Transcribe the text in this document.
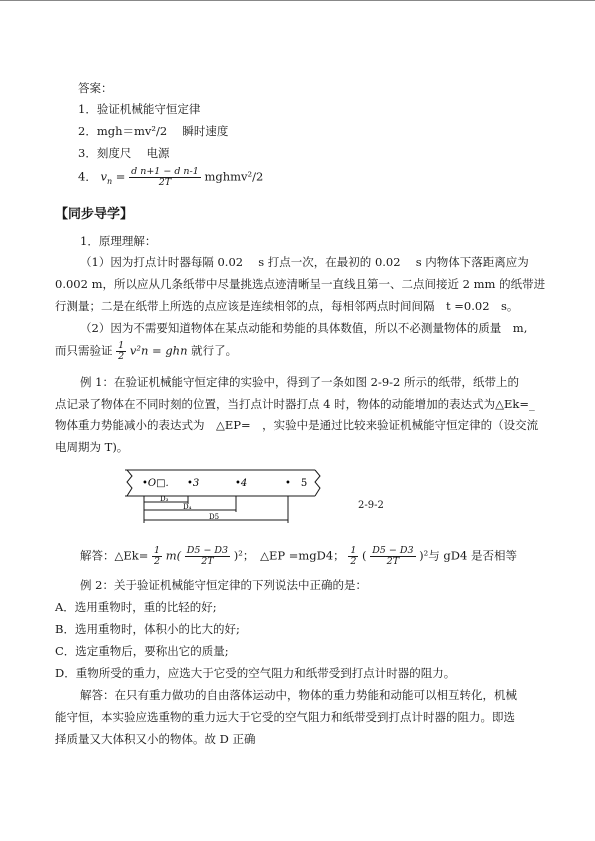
答案：
1．验证机械能守恒定律
2．mgh＝mv²/2　 瞬时速度
3．刻度尺　 电源
4． $v_n = \frac{\text{d n+1 − d n-1}}{2T}$ mghmv²/2
【同步导学】
1．原理理解：
（1）因为打点计时器每隔 0.02　 s 打点一次，在最初的 0.02　 s 内物体下落距离应为
0.002 m，所以应从几条纸带中尽量挑选点迹清晰呈一直线且第一、二点间接近 2 mm 的纸带进
行测量；二是在纸带上所选的点应该是连续相邻的点，每相邻两点时间间隔　t =0.02　s。
（2）因为不需要知道物体在某点动能和势能的具体数值，所以不必测量物体的质量　m,
而只需验证 $\frac{1}{2} v^2n$ = ghn 就行了。
例 1：在验证机械能守恒定律的实验中，得到了一条如图 2-9-2 所示的纸带，纸带上的
点记录了物体在不同时刻的位置，当打点计时器打点 4 时，物体的动能增加的表达式为△Ek=_
物体重力势能减小的表达式为　△EP=　，实验中是通过比较来验证机械能守恒定律的（设交流
电周期为 T)。
•O□. •3	•4	•　5
D₃
D₄
D5
2-9-2
解答：△Ek= $\frac{1}{2} m( \frac{D5 - D3}{2T} )^2$；　△EP =mgD4； $\frac{1}{2}$ ( $\frac{D5 - D3}{2T} )^2$与 gD4 是否相等
例 2：关于验证机械能守恒定律的下列说法中正确的是：
A．选用重物时，重的比轻的好;
B．选用重物时，体积小的比大的好;
C．选定重物后，要称出它的质量;
D．重物所受的重力，应选大于它受的空气阻力和纸带受到打点计时器的阻力。
解答：在只有重力做功的自由落体运动中，物体的重力势能和动能可以相互转化，机械
能守恒，本实验应选重物的重力远大于它受的空气阻力和纸带受到打点计时器的阻力。即选
择质量又大体积又小的物体。故 D 正确
